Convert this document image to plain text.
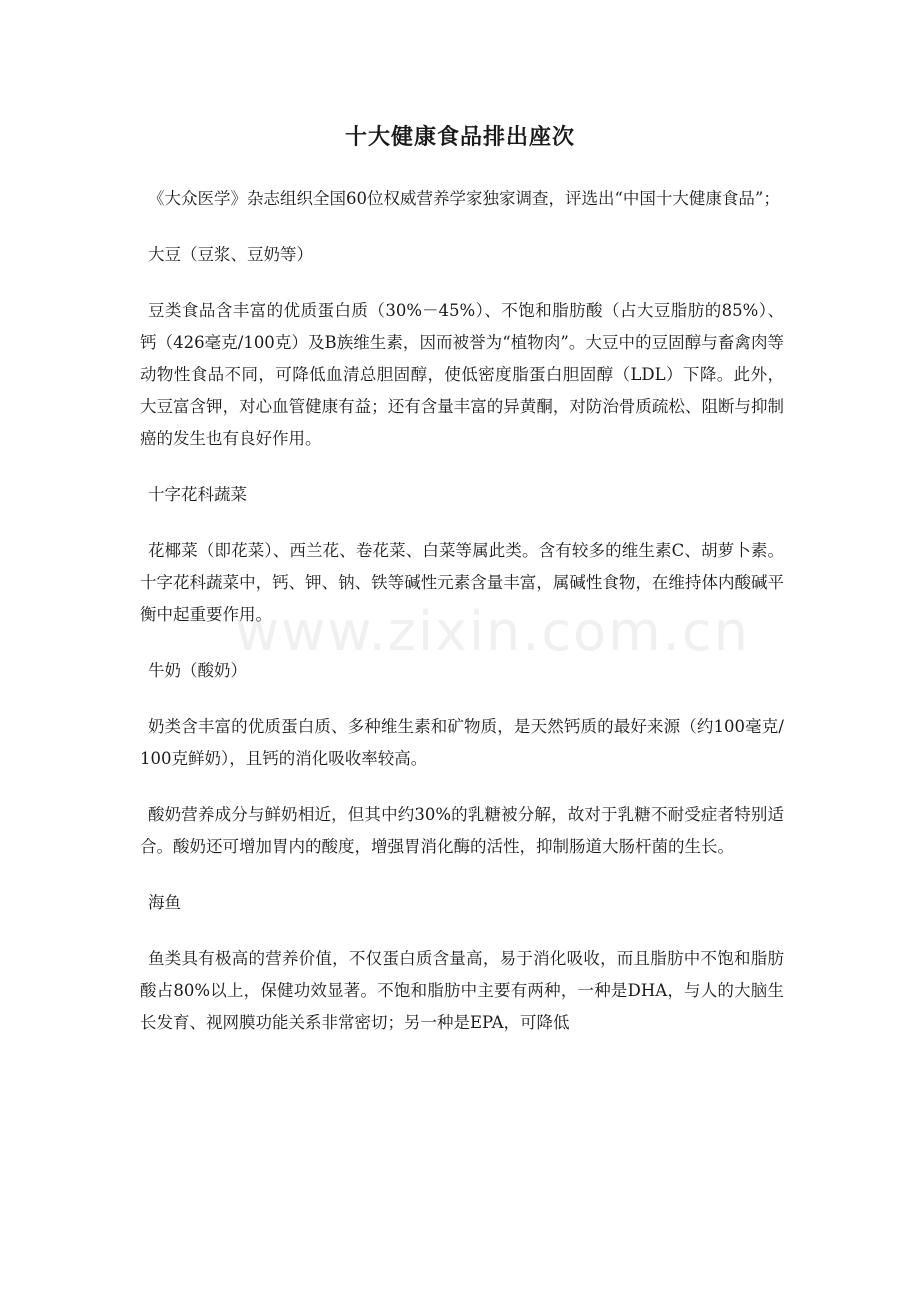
www.zixin.com.cn
十大健康食品排出座次

《大众医学》杂志组织全国60位权威营养学家独家调查，评选出“中国十大健康食品”；

大豆（豆浆、豆奶等）

豆类食品含丰富的优质蛋白质（30%－45%）、不饱和脂肪酸（占大豆脂肪的85%）、钙（426毫克/100克）及B族维生素，因而被誉为“植物肉”。大豆中的豆固醇与畜禽肉等动物性食品不同，可降低血清总胆固醇，使低密度脂蛋白胆固醇（LDL）下降。此外，大豆富含钾，对心血管健康有益；还有含量丰富的异黄酮，对防治骨质疏松、阻断与抑制癌的发生也有良好作用。

十字花科蔬菜

花椰菜（即花菜）、西兰花、卷花菜、白菜等属此类。含有较多的维生素C、胡萝卜素。十字花科蔬菜中，钙、钾、钠、铁等碱性元素含量丰富，属碱性食物，在维持体内酸碱平衡中起重要作用。

牛奶（酸奶）

奶类含丰富的优质蛋白质、多种维生素和矿物质，是天然钙质的最好来源（约100毫克/100克鲜奶），且钙的消化吸收率较高。

酸奶营养成分与鲜奶相近，但其中约30%的乳糖被分解，故对于乳糖不耐受症者特别适合。酸奶还可增加胃内的酸度，增强胃消化酶的活性，抑制肠道大肠杆菌的生长。

海鱼

鱼类具有极高的营养价值，不仅蛋白质含量高，易于消化吸收，而且脂肪中不饱和脂肪酸占80%以上，保健功效显著。不饱和脂肪中主要有两种，一种是DHA，与人的大脑生长发育、视网膜功能关系非常密切；另一种是EPA，可降低
